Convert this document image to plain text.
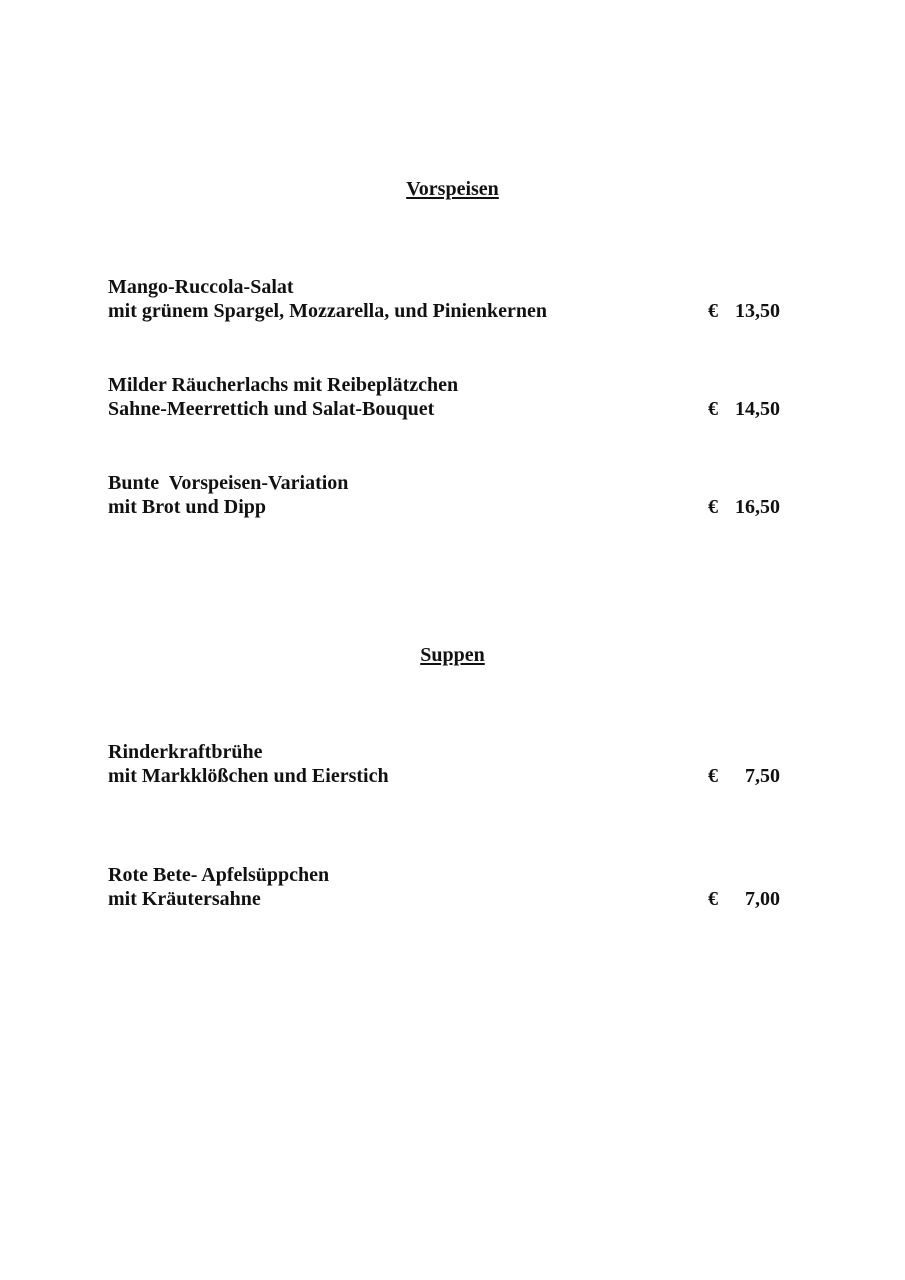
Vorspeisen
Mango-Ruccola-Salat
mit grünem Spargel, Mozzarella, und Pinienkernen	€ 13,50
Milder Räucherlachs mit Reibeplätzchen
Sahne-Meerrettich und Salat-Bouquet	€ 14,50
Bunte  Vorspeisen-Variation
mit Brot und Dipp	€ 16,50
Suppen
Rinderkraftbrühe
mit Markklößchen und Eierstich	€ 7,50
Rote Bete- Apfelsüppchen
mit Kräutersahne	€ 7,00
